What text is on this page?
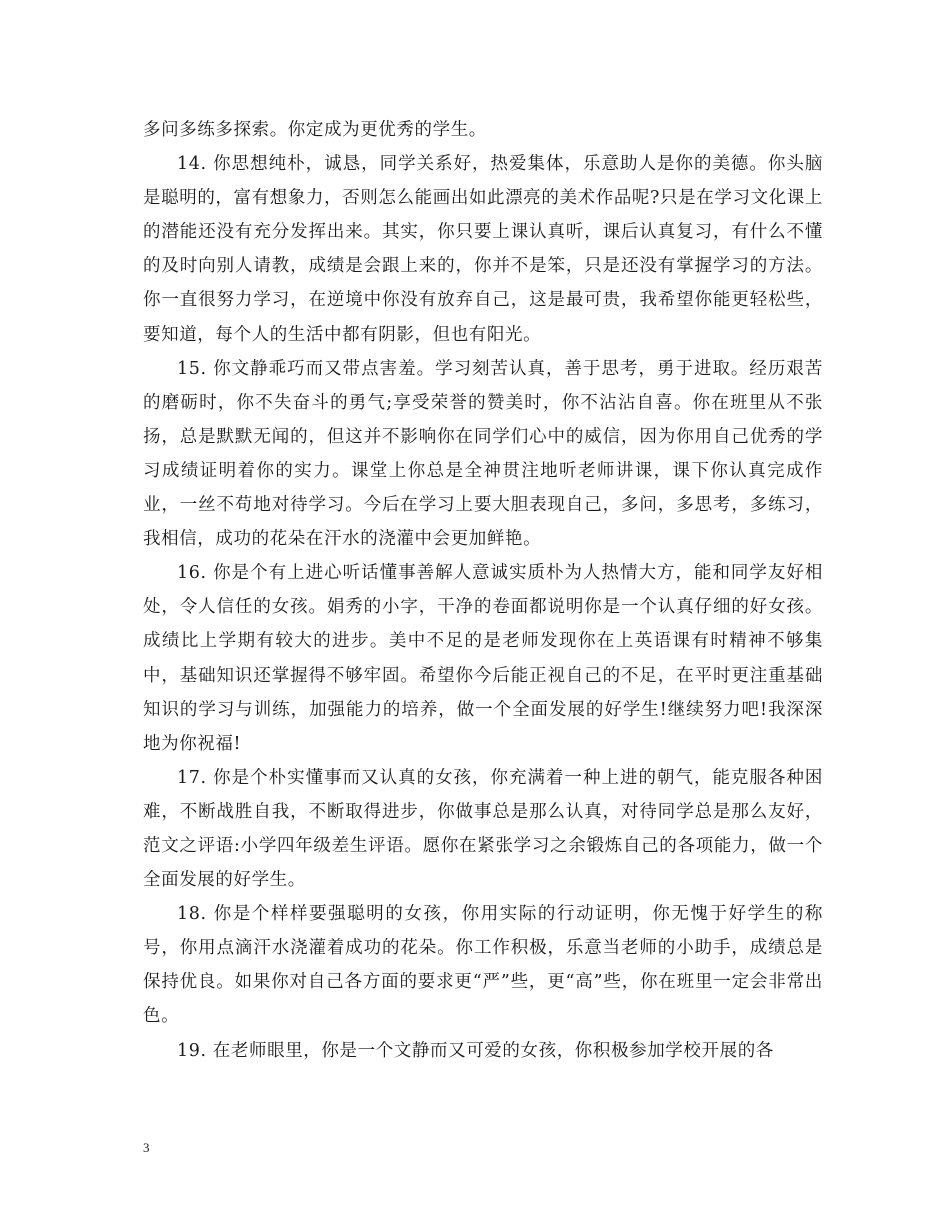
多问多练多探索。你定成为更优秀的学生。

14. 你思想纯朴，诚恳，同学关系好，热爱集体，乐意助人是你的美德。你头脑是聪明的，富有想象力，否则怎么能画出如此漂亮的美术作品呢?只是在学习文化课上的潜能还没有充分发挥出来。其实，你只要上课认真听，课后认真复习，有什么不懂的及时向别人请教，成绩是会跟上来的，你并不是笨，只是还没有掌握学习的方法。你一直很努力学习，在逆境中你没有放弃自己，这是最可贵，我希望你能更轻松些，要知道，每个人的生活中都有阴影，但也有阳光。

15. 你文静乖巧而又带点害羞。学习刻苦认真，善于思考，勇于进取。经历艰苦的磨砺时，你不失奋斗的勇气;享受荣誉的赞美时，你不沾沾自喜。你在班里从不张扬，总是默默无闻的，但这并不影响你在同学们心中的威信，因为你用自己优秀的学习成绩证明着你的实力。课堂上你总是全神贯注地听老师讲课，课下你认真完成作业，一丝不苟地对待学习。今后在学习上要大胆表现自己，多问，多思考，多练习，我相信，成功的花朵在汗水的浇灌中会更加鲜艳。

16. 你是个有上进心听话懂事善解人意诚实质朴为人热情大方，能和同学友好相处，令人信任的女孩。娟秀的小字，干净的卷面都说明你是一个认真仔细的好女孩。成绩比上学期有较大的进步。美中不足的是老师发现你在上英语课有时精神不够集中，基础知识还掌握得不够牢固。希望你今后能正视自己的不足，在平时更注重基础知识的学习与训练，加强能力的培养，做一个全面发展的好学生!继续努力吧!我深深地为你祝福!

17. 你是个朴实懂事而又认真的女孩，你充满着一种上进的朝气，能克服各种困难，不断战胜自我，不断取得进步，你做事总是那么认真，对待同学总是那么友好，范文之评语:小学四年级差生评语。愿你在紧张学习之余锻炼自己的各项能力，做一个全面发展的好学生。

18. 你是个样样要强聪明的女孩，你用实际的行动证明，你无愧于好学生的称号，你用点滴汗水浇灌着成功的花朵。你工作积极，乐意当老师的小助手，成绩总是保持优良。如果你对自己各方面的要求更“严”些，更“高”些，你在班里一定会非常出色。

19. 在老师眼里，你是一个文静而又可爱的女孩，你积极参加学校开展的各

3
